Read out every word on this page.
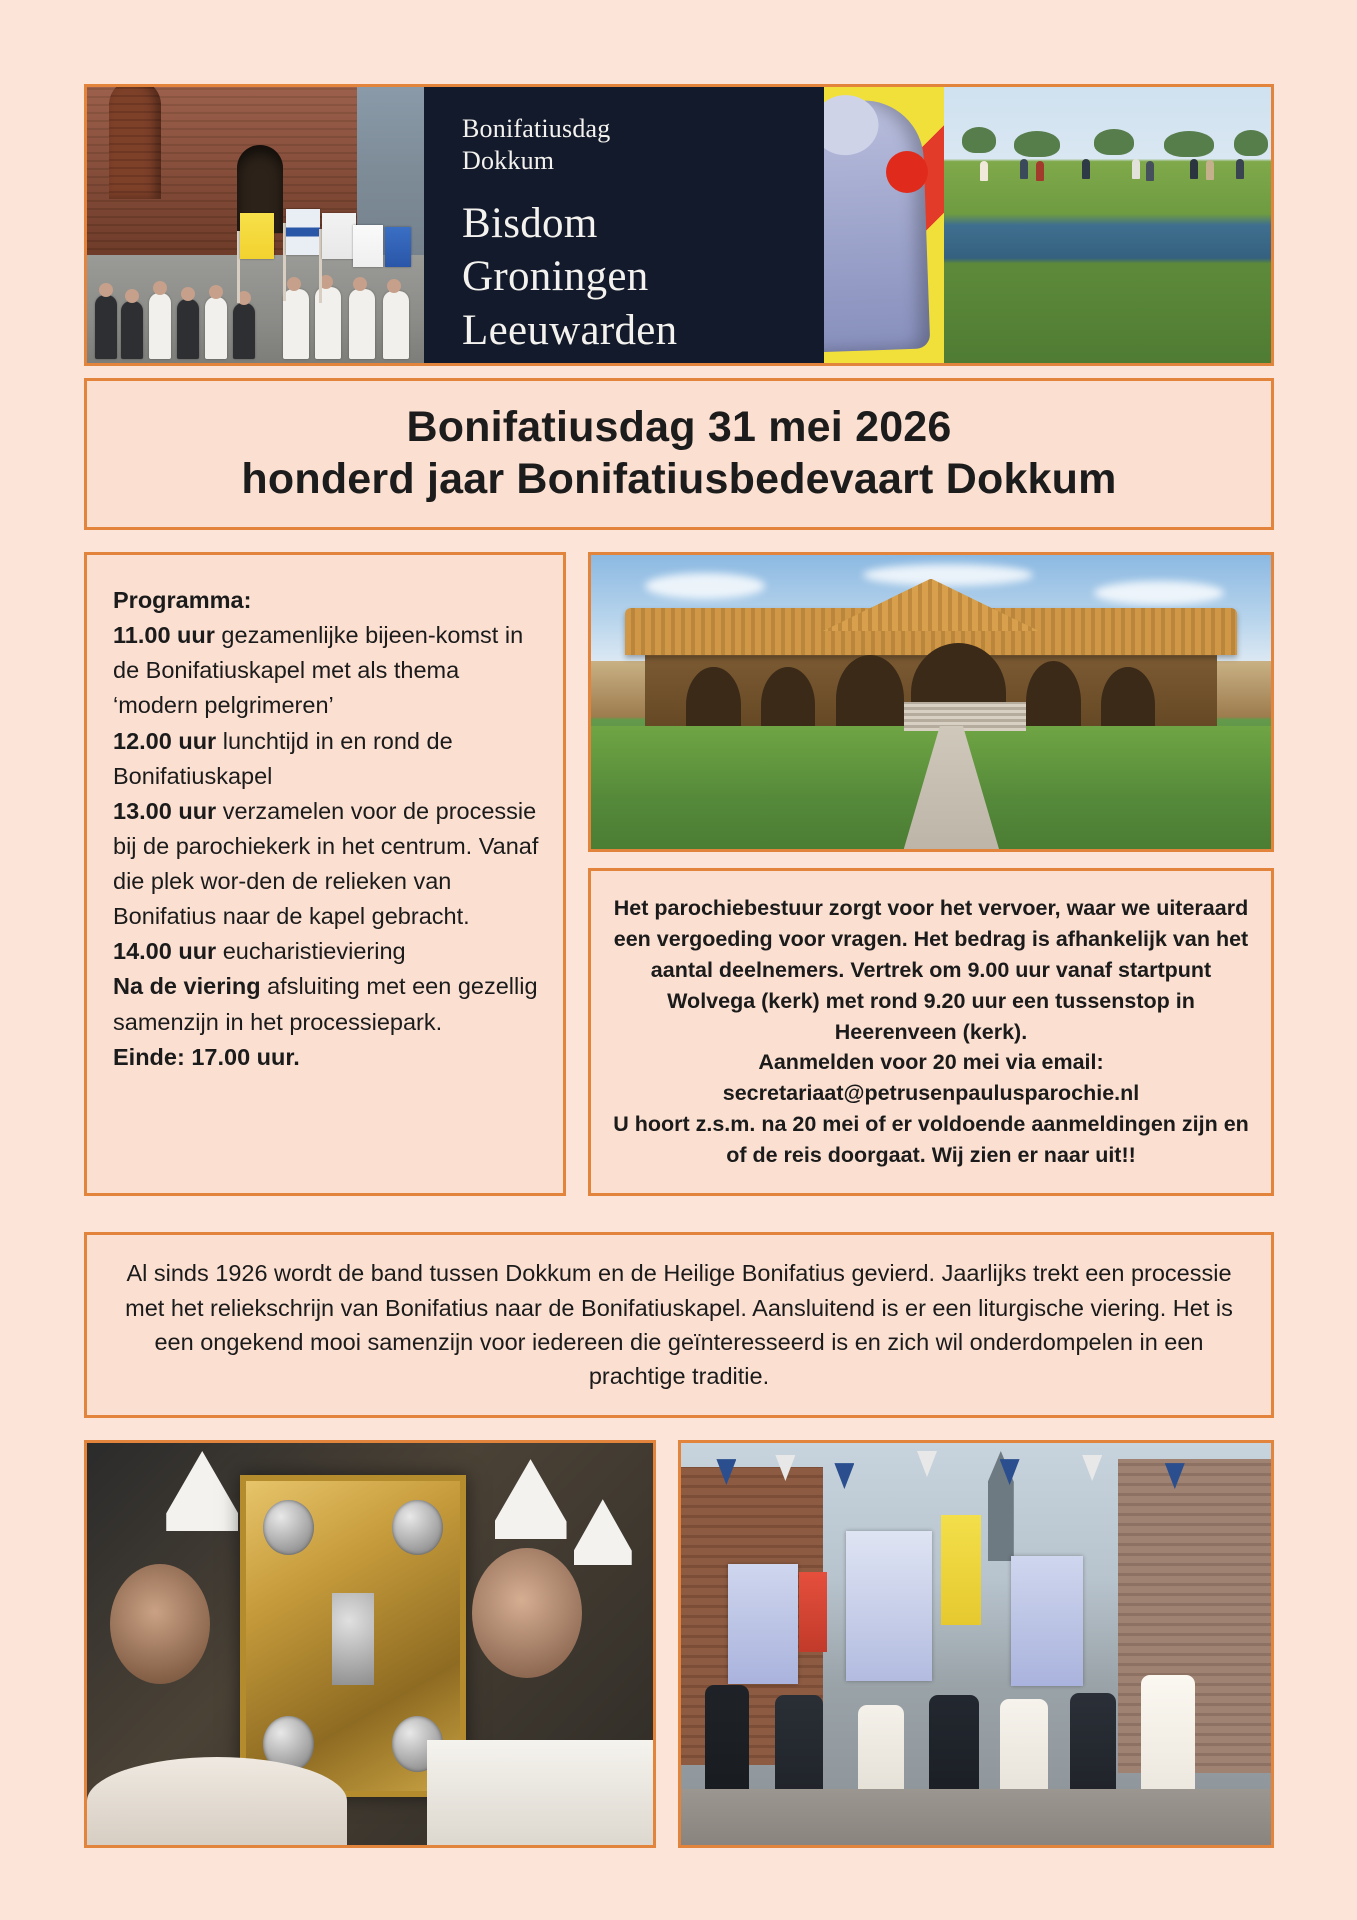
Bonifatiusdag
Dokkum
Bisdom
Groningen
Leeuwarden
Bonifatiusdag 31 mei 2026
honderd jaar Bonifatiusbedevaart Dokkum
Programma:
11.00 uur gezamenlijke bijeen-komst in de Bonifatiuskapel met als thema ‘modern pelgrimeren’
12.00 uur lunchtijd in en rond de Bonifatiuskapel
13.00 uur verzamelen voor de processie bij de parochiekerk in het centrum. Vanaf die plek wor-den de relieken van Bonifatius naar de kapel gebracht.
14.00 uur eucharistieviering
Na de viering afsluiting met een gezellig samenzijn in het processiepark.
Einde: 17.00 uur.
Het parochiebestuur zorgt voor het vervoer, waar we uiteraard een vergoeding voor vragen. Het bedrag is afhankelijk van het aantal deelnemers. Vertrek om 9.00 uur vanaf startpunt Wolvega (kerk) met rond 9.20 uur een tussenstop in Heerenveen (kerk).
Aanmelden voor 20 mei via email:
secretariaat@petrusenpaulusparochie.nl
U hoort z.s.m. na 20 mei of er voldoende aanmeldingen zijn en of de reis doorgaat. Wij zien er naar uit!!
Al sinds 1926 wordt de band tussen Dokkum en de Heilige Bonifatius gevierd. Jaarlijks trekt een processie met het reliekschrijn van Bonifatius naar de Bonifatiuskapel. Aansluitend is er een liturgische viering. Het is een ongekend mooi samenzijn voor iedereen die geïnteresseerd is en zich wil onderdompelen in een prachtige traditie.
